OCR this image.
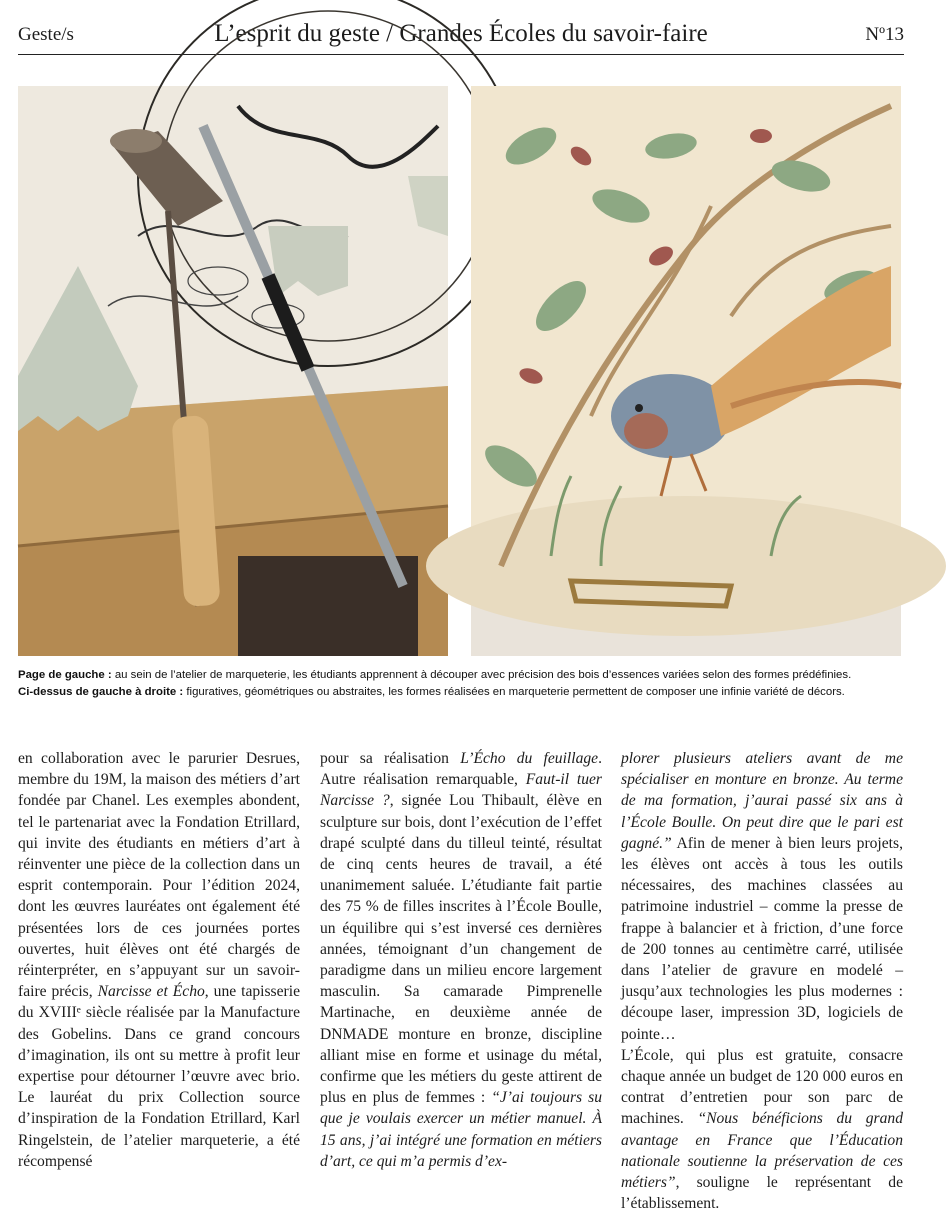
Geste/s	L’esprit du geste / Grandes Écoles du savoir-faire	Nº13
Page de gauche : au sein de l’atelier de marqueterie, les étudiants apprennent à découper avec précision des bois d’essences variées selon des formes prédéfinies.
Ci-dessus de gauche à droite : figuratives, géométriques ou abstraites, les formes réalisées en marqueterie permettent de composer une infinie variété de décors.

en collaboration avec le parurier Desrues, membre du 19M, la maison des métiers d’art fondée par Chanel. Les exemples abondent, tel le partenariat avec la Fondation Etrillard, qui invite des étudiants en métiers d’art à réinventer une pièce de la collection dans un esprit contemporain. Pour l’édition 2024, dont les œuvres lauréates ont également été présentées lors de ces journées portes ouvertes, huit élèves ont été chargés de réinterpréter, en s’appuyant sur un savoir-faire précis, Narcisse et Écho, une tapisserie du XVIIIᵉ siècle réalisée par la Manufacture des Gobelins. Dans ce grand concours d’imagination, ils ont su mettre à profit leur expertise pour détourner l’œuvre avec brio. Le lauréat du prix Collection source d’inspiration de la Fondation Etrillard, Karl Ringelstein, de l’atelier marqueterie, a été récompensé

pour sa réalisation L’Écho du feuillage. Autre réalisation remarquable, Faut-il tuer Narcisse ?, signée Lou Thibault, élève en sculpture sur bois, dont l’exécution de l’effet drapé sculpté dans du tilleul teinté, résultat de cinq cents heures de travail, a été unanimement saluée. L’étudiante fait partie des 75 % de filles inscrites à l’École Boulle, un équilibre qui s’est inversé ces dernières années, témoignant d’un changement de paradigme dans un milieu encore largement masculin. Sa camarade Pimprenelle Martinache, en deuxième année de DNMADE monture en bronze, discipline alliant mise en forme et usinage du métal, confirme que les métiers du geste attirent de plus en plus de femmes : “J’ai toujours su que je voulais exercer un métier manuel. À 15 ans, j’ai intégré une formation en métiers d’art, ce qui m’a permis d’ex-

plorer plusieurs ateliers avant de me spécialiser en monture en bronze. Au terme de ma formation, j’aurai passé six ans à l’École Boulle. On peut dire que le pari est gagné.” Afin de mener à bien leurs projets, les élèves ont accès à tous les outils nécessaires, des machines classées au patrimoine industriel – comme la presse de frappe à balancier et à friction, d’une force de 200 tonnes au centimètre carré, utilisée dans l’atelier de gravure en modelé – jusqu’aux technologies les plus modernes : découpe laser, impression 3D, logiciels de pointe…

L’École, qui plus est gratuite, consacre chaque année un budget de 120 000 euros en contrat d’entretien pour son parc de machines. “Nous bénéficions du grand avantage en France que l’Éducation nationale soutienne la préservation de ces métiers”, souligne le représentant de l’établissement.
